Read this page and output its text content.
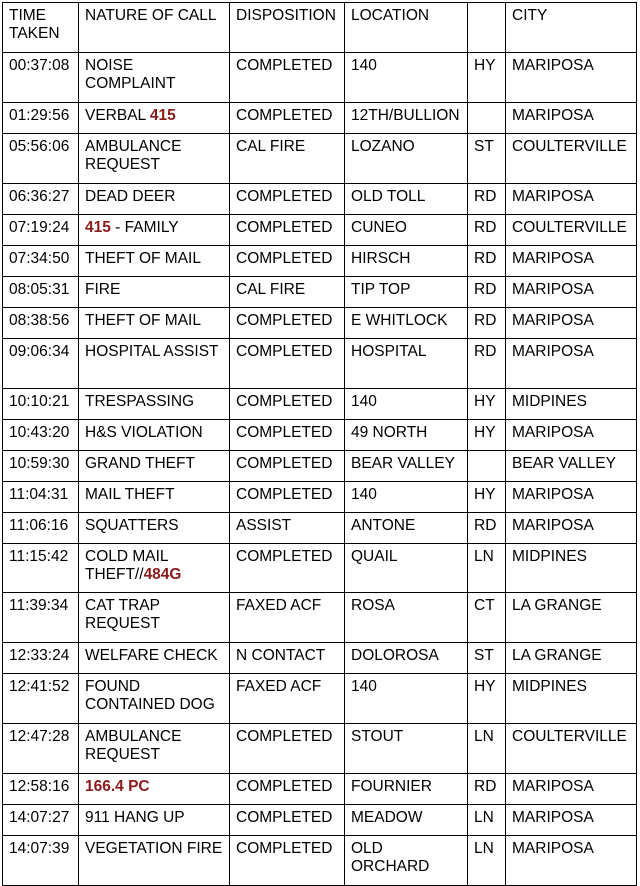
TIME TAKEN	NATURE OF CALL	DISPOSITION	LOCATION		CITY
00:37:08	NOISE COMPLAINT	COMPLETED	140	HY	MARIPOSA
01:29:56	VERBAL 415	COMPLETED	12TH/BULLION		MARIPOSA
05:56:06	AMBULANCE REQUEST	CAL FIRE	LOZANO	ST	COULTERVILLE
06:36:27	DEAD DEER	COMPLETED	OLD TOLL	RD	MARIPOSA
07:19:24	415 - FAMILY	COMPLETED	CUNEO	RD	COULTERVILLE
07:34:50	THEFT OF MAIL	COMPLETED	HIRSCH	RD	MARIPOSA
08:05:31	FIRE	CAL FIRE	TIP TOP	RD	MARIPOSA
08:38:56	THEFT OF MAIL	COMPLETED	E WHITLOCK	RD	MARIPOSA
09:06:34	HOSPITAL ASSIST	COMPLETED	HOSPITAL	RD	MARIPOSA
10:10:21	TRESPASSING	COMPLETED	140	HY	MIDPINES
10:43:20	H&S VIOLATION	COMPLETED	49 NORTH	HY	MARIPOSA
10:59:30	GRAND THEFT	COMPLETED	BEAR VALLEY		BEAR VALLEY
11:04:31	MAIL THEFT	COMPLETED	140	HY	MARIPOSA
11:06:16	SQUATTERS	ASSIST	ANTONE	RD	MARIPOSA
11:15:42	COLD MAIL THEFT//484G	COMPLETED	QUAIL	LN	MIDPINES
11:39:34	CAT TRAP REQUEST	FAXED ACF	ROSA	CT	LA GRANGE
12:33:24	WELFARE CHECK	N CONTACT	DOLOROSA	ST	LA GRANGE
12:41:52	FOUND CONTAINED DOG	FAXED ACF	140	HY	MIDPINES
12:47:28	AMBULANCE REQUEST	COMPLETED	STOUT	LN	COULTERVILLE
12:58:16	166.4 PC	COMPLETED	FOURNIER	RD	MARIPOSA
14:07:27	911 HANG UP	COMPLETED	MEADOW	LN	MARIPOSA
14:07:39	VEGETATION FIRE	COMPLETED	OLD ORCHARD	LN	MARIPOSA
